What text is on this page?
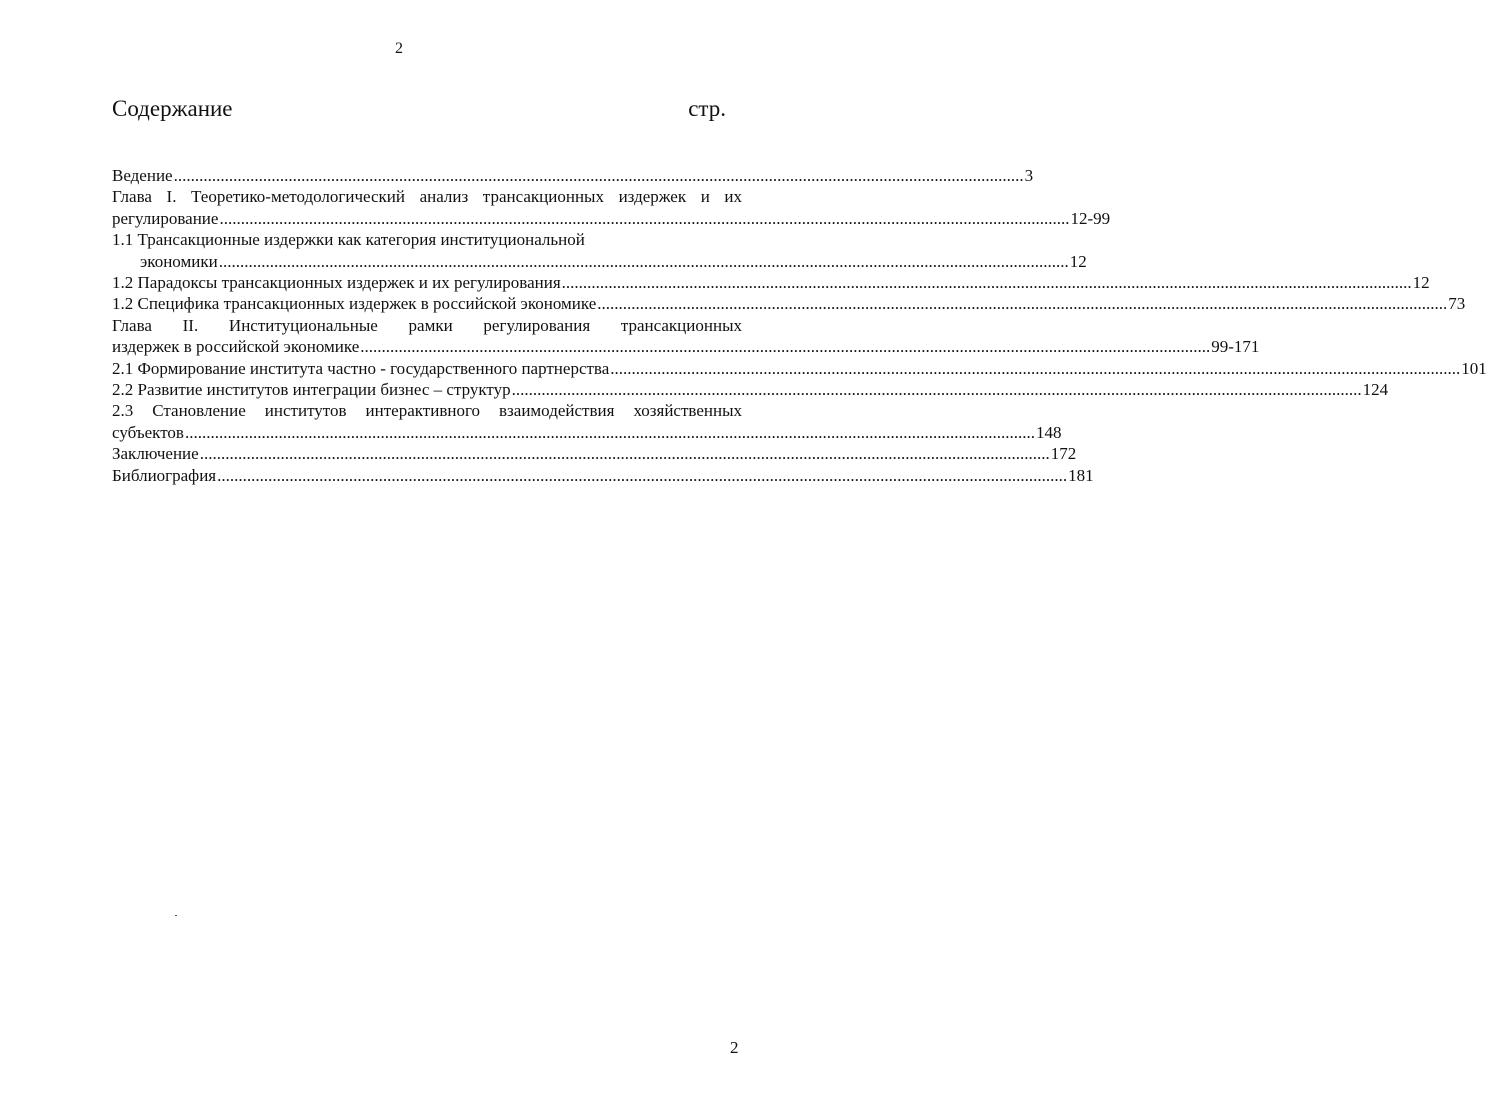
2
Содержание	стр.
Ведение ........................................................................................................................................................................................................ 3
Глава I. Теоретико-методологический анализ трансакционных издержек и их
регулирование ........................................................................................................................................................................................................ 12-99
1.1 Трансакционные издержки как категория институциональной
экономики ........................................................................................................................................................................................................ 12
1.2 Парадоксы трансакционных издержек и их регулирования ........................................................................................................................................................................................................ 12
1.2 Специфика трансакционных издержек в российской экономике ........................................................................................................................................................................................................ 73
Глава II. Институциональные рамки регулирования трансакционных
издержек в российской экономике ........................................................................................................................................................................................................ 99-171
2.1 Формирование института частно - государственного партнерства ........................................................................................................................................................................................................ 101
2.2 Развитие институтов интеграции бизнес – структур ........................................................................................................................................................................................................ 124
2.3 Становление институтов интерактивного взаимодействия хозяйственных
субъектов ........................................................................................................................................................................................................ 148
Заключение ........................................................................................................................................................................................................ 172
Библиография ........................................................................................................................................................................................................ 181
2
